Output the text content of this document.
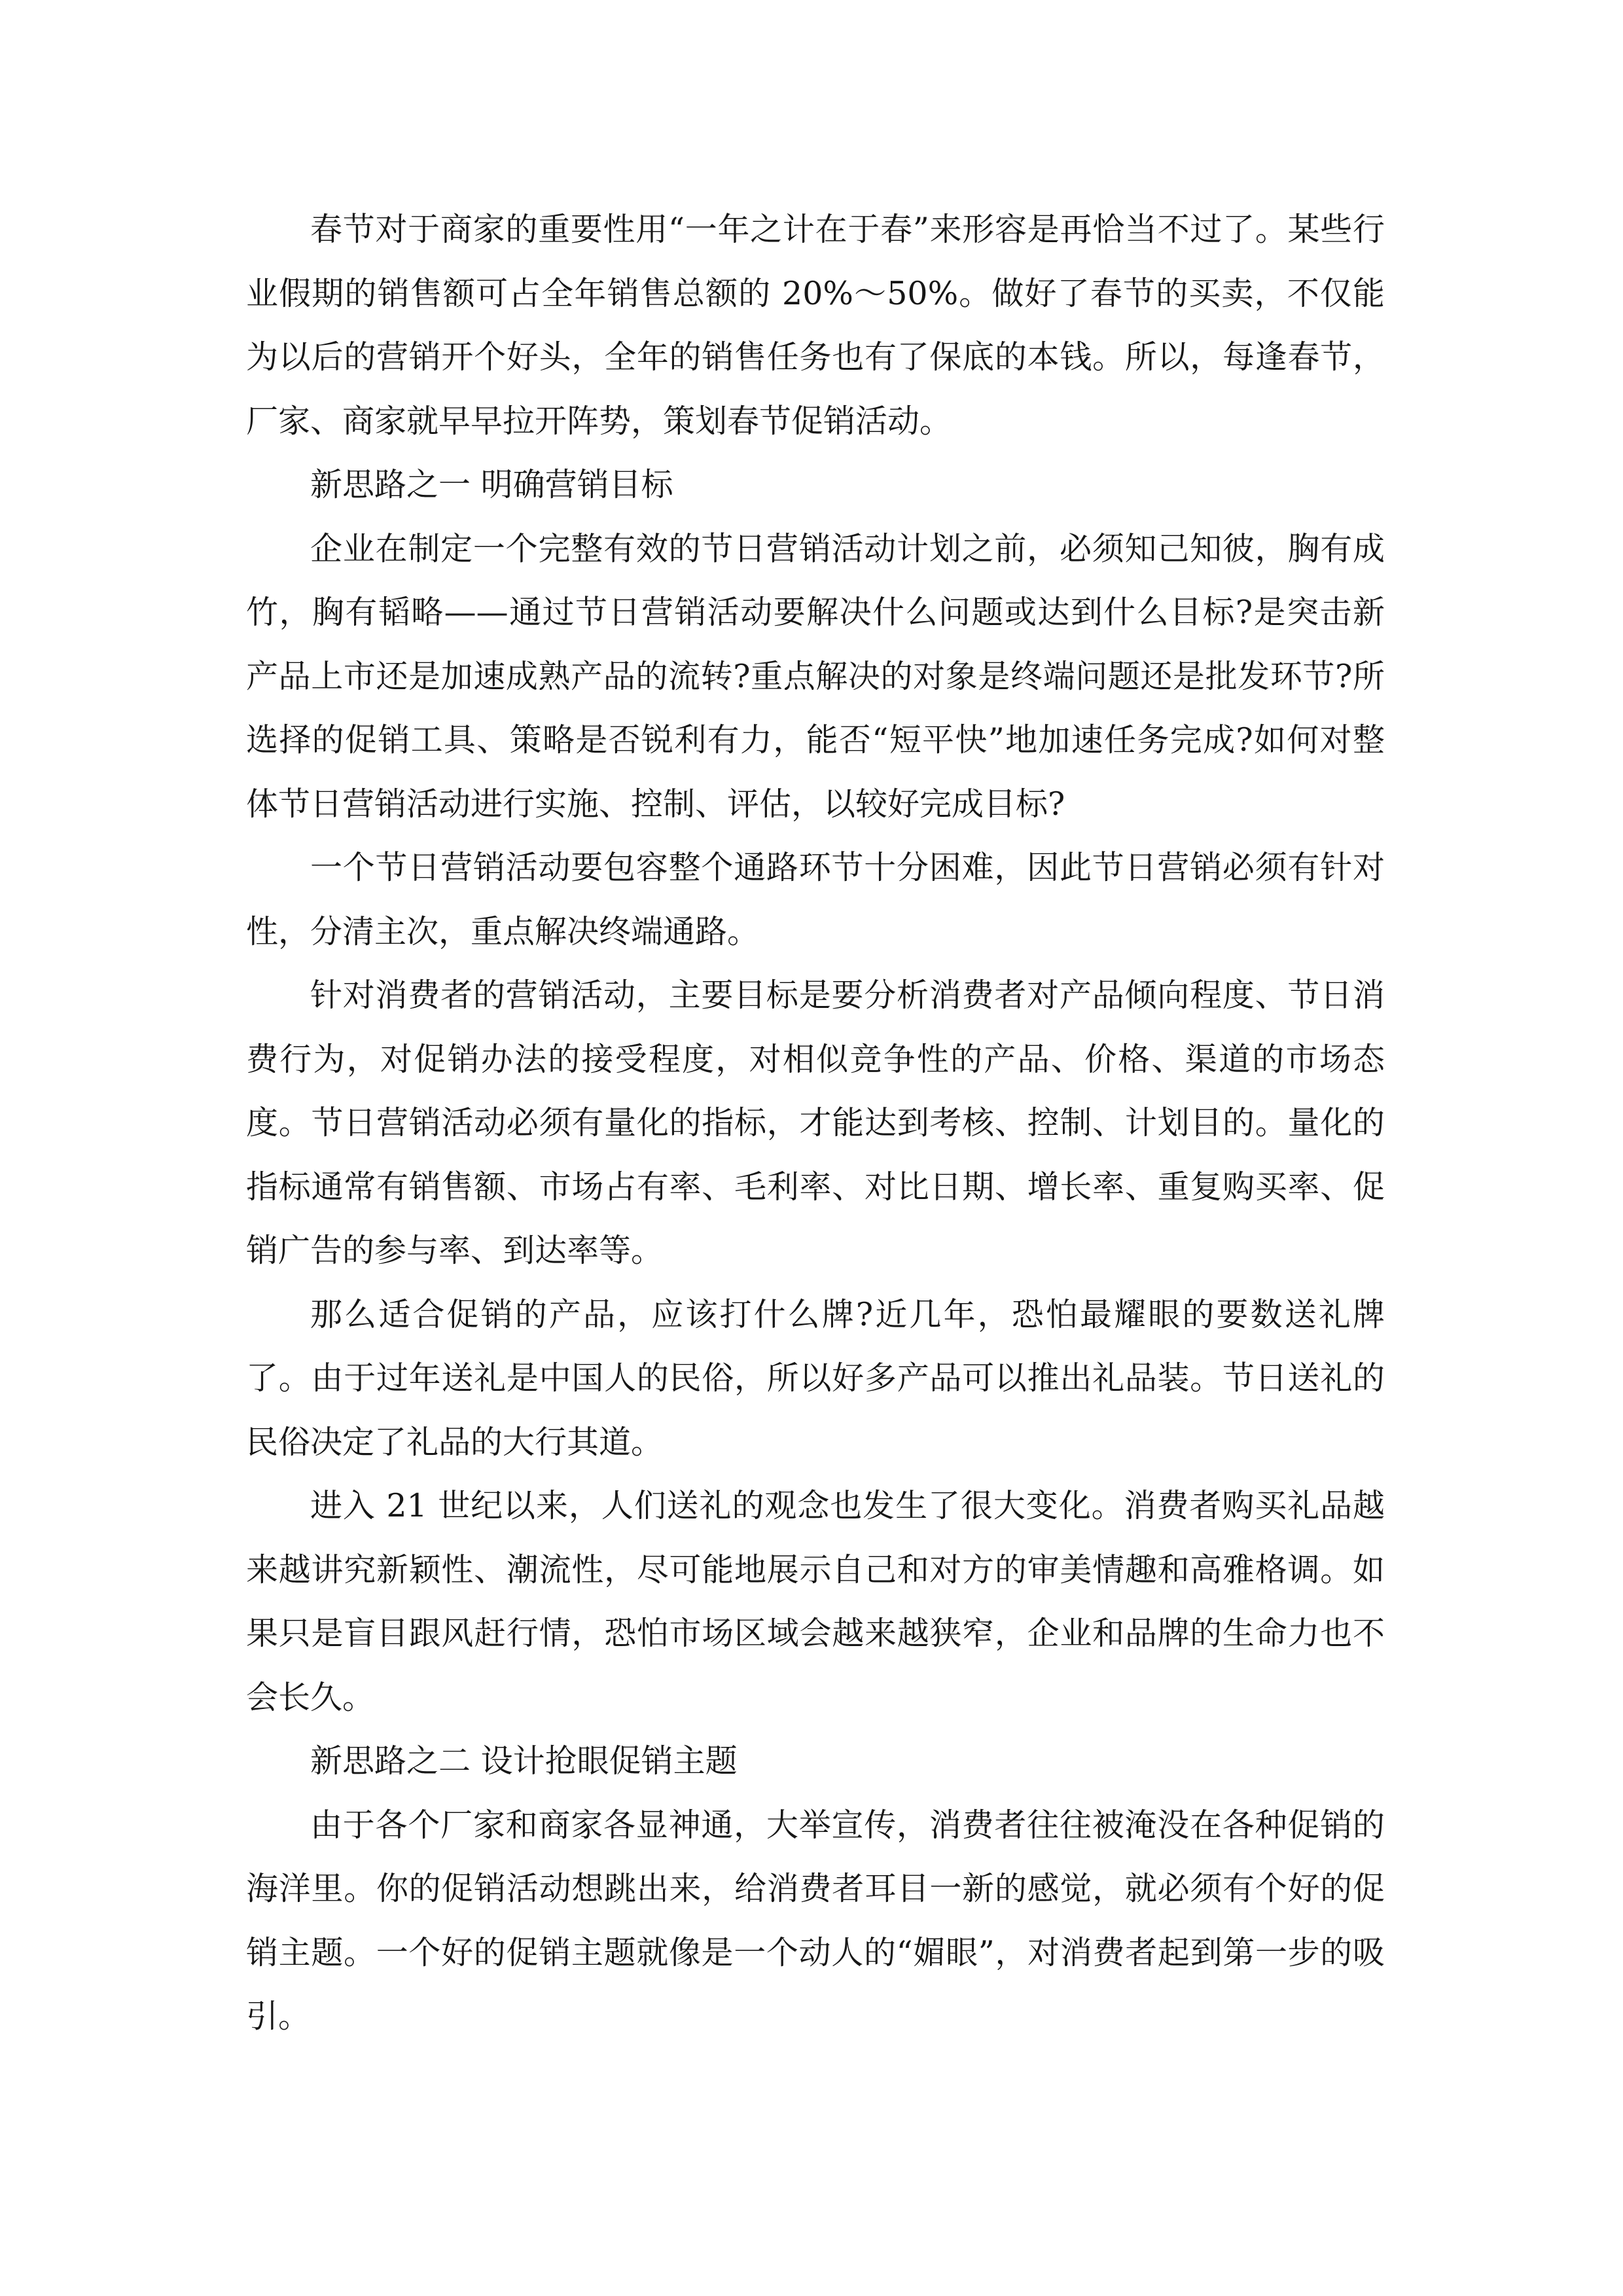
春节对于商家的重要性用“一年之计在于春”来形容是再恰当不过了。某些行业假期的销售额可占全年销售总额的 20%～50%。做好了春节的买卖，不仅能为以后的营销开个好头，全年的销售任务也有了保底的本钱。所以，每逢春节，厂家、商家就早早拉开阵势，策划春节促销活动。

新思路之一 明确营销目标

企业在制定一个完整有效的节日营销活动计划之前，必须知己知彼，胸有成竹，胸有韬略——通过节日营销活动要解决什么问题或达到什么目标?是突击新产品上市还是加速成熟产品的流转?重点解决的对象是终端问题还是批发环节?所选择的促销工具、策略是否锐利有力，能否“短平快”地加速任务完成?如何对整体节日营销活动进行实施、控制、评估，以较好完成目标?

一个节日营销活动要包容整个通路环节十分困难，因此节日营销必须有针对性，分清主次，重点解决终端通路。

针对消费者的营销活动，主要目标是要分析消费者对产品倾向程度、节日消费行为，对促销办法的接受程度，对相似竞争性的产品、价格、渠道的市场态度。节日营销活动必须有量化的指标，才能达到考核、控制、计划目的。量化的指标通常有销售额、市场占有率、毛利率、对比日期、增长率、重复购买率、促销广告的参与率、到达率等。

那么适合促销的产品，应该打什么牌?近几年，恐怕最耀眼的要数送礼牌了。由于过年送礼是中国人的民俗，所以好多产品可以推出礼品装。节日送礼的民俗决定了礼品的大行其道。

进入 21 世纪以来，人们送礼的观念也发生了很大变化。消费者购买礼品越来越讲究新颖性、潮流性，尽可能地展示自己和对方的审美情趣和高雅格调。如果只是盲目跟风赶行情，恐怕市场区域会越来越狭窄，企业和品牌的生命力也不会长久。

新思路之二 设计抢眼促销主题

由于各个厂家和商家各显神通，大举宣传，消费者往往被淹没在各种促销的海洋里。你的促销活动想跳出来，给消费者耳目一新的感觉，就必须有个好的促销主题。一个好的促销主题就像是一个动人的“媚眼”，对消费者起到第一步的吸引。
